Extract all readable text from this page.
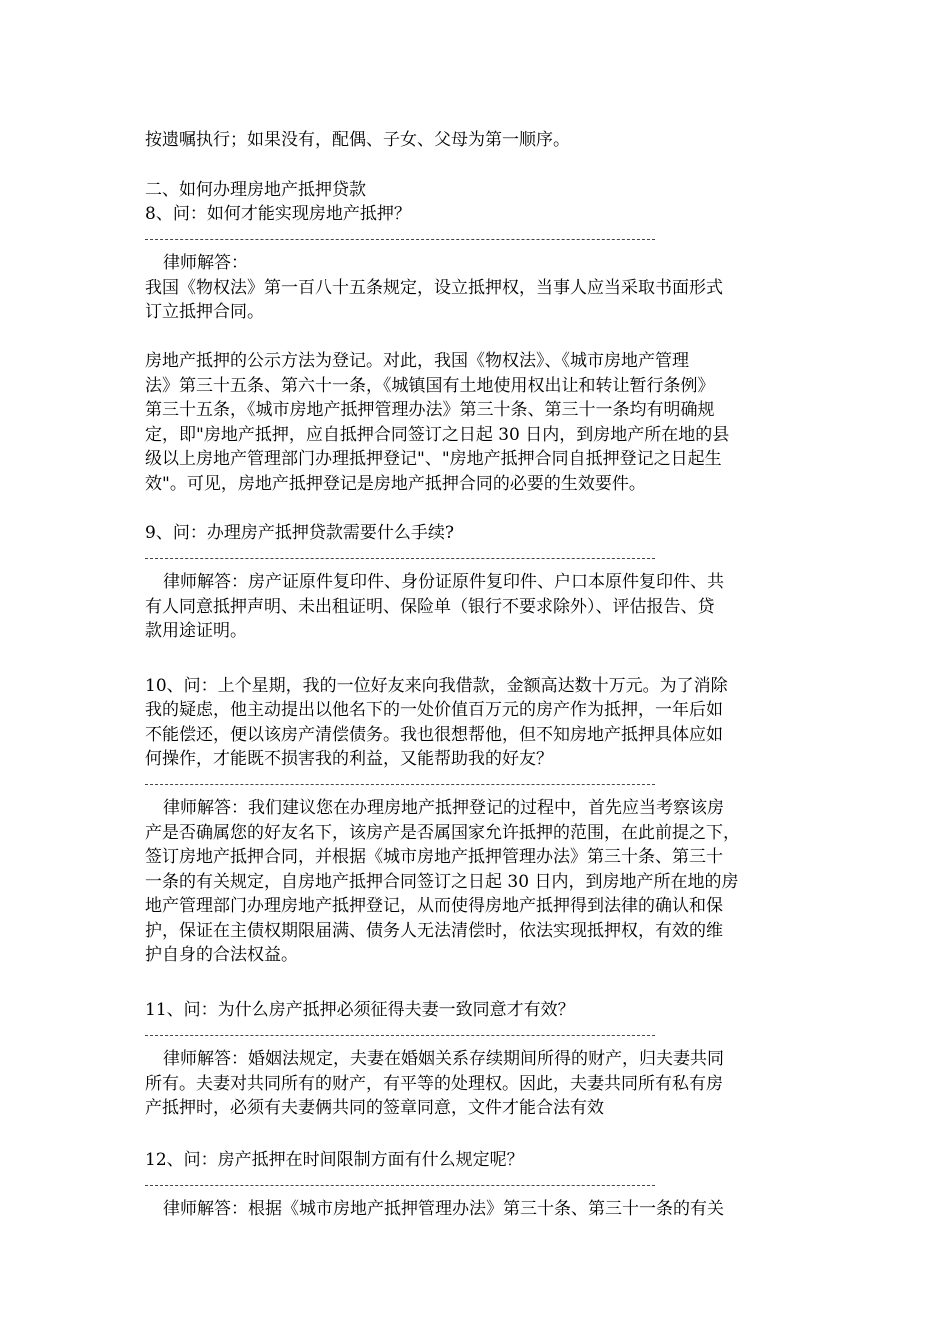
按遗嘱执行；如果没有，配偶、子女、父母为第一顺序。
二、如何办理房地产抵押贷款
8、问：如何才能实现房地产抵押？
律师解答：
我国《物权法》第一百八十五条规定，设立抵押权，当事人应当采取书面形式
订立抵押合同。
房地产抵押的公示方法为登记。对此，我国《物权法》、《城市房地产管理
法》第三十五条、第六十一条，《城镇国有土地使用权出让和转让暂行条例》
第三十五条，《城市房地产抵押管理办法》第三十条、第三十一条均有明确规
定，即"房地产抵押，应自抵押合同签订之日起 30 日内，到房地产所在地的县
级以上房地产管理部门办理抵押登记"、"房地产抵押合同自抵押登记之日起生
效"。可见，房地产抵押登记是房地产抵押合同的必要的生效要件。
9、问：办理房产抵押贷款需要什么手续?
律师解答：房产证原件复印件、身份证原件复印件、户口本原件复印件、共
有人同意抵押声明、未出租证明、保险单（银行不要求除外）、评估报告、贷
款用途证明。
10、问：上个星期，我的一位好友来向我借款，金额高达数十万元。为了消除
我的疑虑，他主动提出以他名下的一处价值百万元的房产作为抵押，一年后如
不能偿还，便以该房产清偿债务。我也很想帮他，但不知房地产抵押具体应如
何操作，才能既不损害我的利益，又能帮助我的好友？
律师解答：我们建议您在办理房地产抵押登记的过程中，首先应当考察该房
产是否确属您的好友名下，该房产是否属国家允许抵押的范围，在此前提之下，
签订房地产抵押合同，并根据《城市房地产抵押管理办法》第三十条、第三十
一条的有关规定，自房地产抵押合同签订之日起 30 日内，到房地产所在地的房
地产管理部门办理房地产抵押登记，从而使得房地产抵押得到法律的确认和保
护，保证在主债权期限届满、债务人无法清偿时，依法实现抵押权，有效的维
护自身的合法权益。
11、问：为什么房产抵押必须征得夫妻一致同意才有效？
律师解答：婚姻法规定，夫妻在婚姻关系存续期间所得的财产，归夫妻共同
所有。夫妻对共同所有的财产，有平等的处理权。因此，夫妻共同所有私有房
产抵押时，必须有夫妻俩共同的签章同意，文件才能合法有效
12、问：房产抵押在时间限制方面有什么规定呢？
律师解答：根据《城市房地产抵押管理办法》第三十条、第三十一条的有关
